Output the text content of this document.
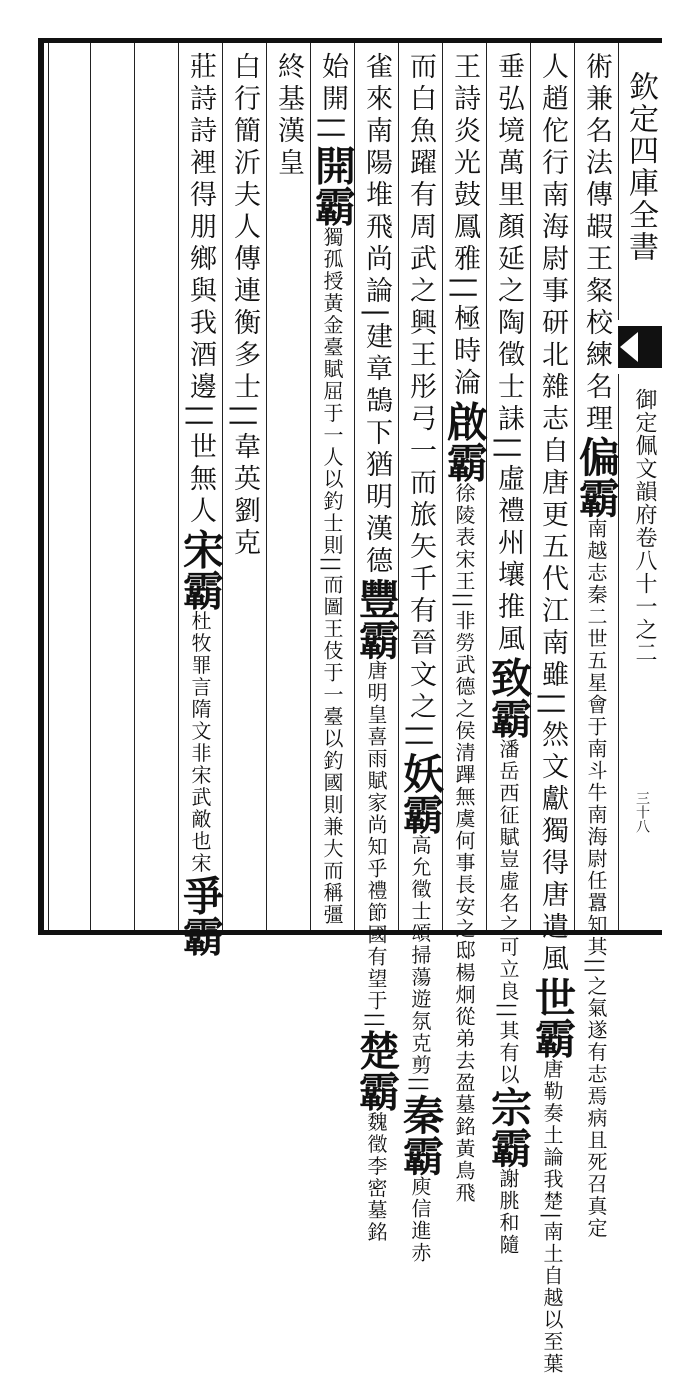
欽定四庫全書
御定佩文韻府卷八十一之二
三十八
術兼名法傳嘏王粲校練名理偏霸南越志秦二世五星會于南斗牛南海尉任囂知其||之氣遂有志焉病且死召真定
人趙佗行南海尉事研北雜志自唐更五代江南雖||然文獻獨得唐遺風世霸唐勒奏土論我楚|南土自越以至葉
垂弘境萬里顏延之陶徵士誄||虛禮州壤推風致霸潘岳西征賦豈虛名之可立良||其有以宗霸謝朓和隨
王詩炎光鼓鳳雅||極時淪啟霸徐陵表宋王||非勞武德之侯清蹕無虞何事長安之邸楊炯從弟去盈墓銘黃鳥飛
而白魚躍有周武之興王彤弓一而旅矢千有晉文之||妖霸高允徵士頌掃蕩遊氛克剪||秦霸庾信進赤
雀來南陽堆飛尚論|建章鵠下猶明漢德豐霸唐明皇喜雨賦家尚知乎禮節國有望于||楚霸魏徵李密墓銘
始開||開霸獨孤授黃金臺賦屈于一人以釣士則||而圖王伎于一臺以釣國則兼大而稱彊
終基漢皇
白行簡沂夫人傳連衡多士||韋英劉克
莊詩詩裡得朋鄉與我酒邊||世無人宋霸杜牧罪言隋文非宋武敵也宋爭霸
